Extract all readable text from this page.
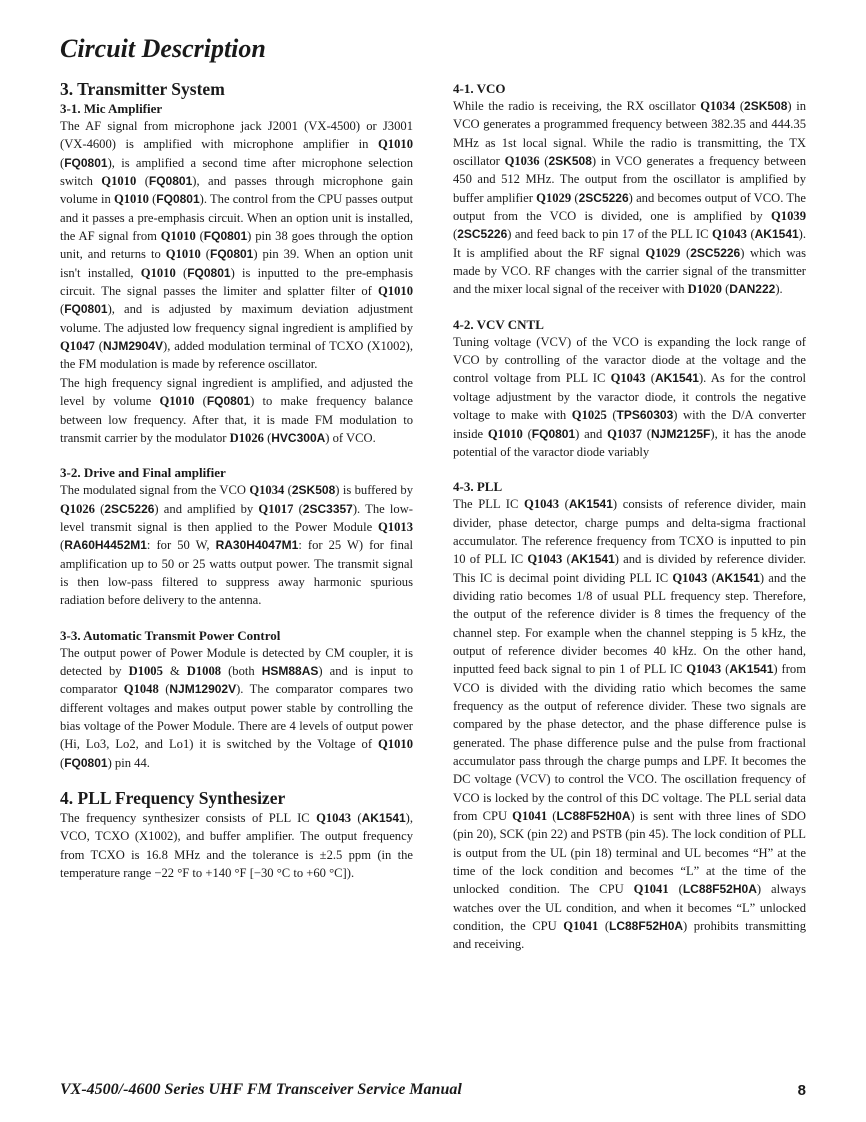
Circuit Description
3. Transmitter System
3-1. Mic Amplifier

The AF signal from microphone jack J2001 (VX-4500) or J3001 (VX-4600) is amplified with microphone amplifier in Q1010 (FQ0801), is amplified a second time after microphone selection switch Q1010 (FQ0801), and passes through microphone gain volume in Q1010 (FQ0801). The control from the CPU passes output and it passes a pre-emphasis circuit. When an option unit is installed, the AF signal from Q1010 (FQ0801) pin 38 goes through the option unit, and returns to Q1010 (FQ0801) pin 39. When an option unit isn't installed, Q1010 (FQ0801) is inputted to the pre-emphasis circuit. The signal passes the limiter and splatter filter of Q1010 (FQ0801), and is adjusted by maximum deviation adjustment volume. The adjusted low frequency signal ingredient is amplified by Q1047 (NJM2904V), added modulation terminal of TCXO (X1002), the FM modulation is made by reference oscillator.

The high frequency signal ingredient is amplified, and adjusted the level by volume Q1010 (FQ0801) to make frequency balance between low frequency. After that, it is made FM modulation to transmit carrier by the modulator D1026 (HVC300A) of VCO.

3-2. Drive and Final amplifier

The modulated signal from the VCO Q1034 (2SK508) is buffered by Q1026 (2SC5226) and amplified by Q1017 (2SC3357). The low-level transmit signal is then applied to the Power Module Q1013 (RA60H4452M1: for 50 W, RA30H4047M1: for 25 W) for final amplification up to 50 or 25 watts output power. The transmit signal is then low-pass filtered to suppress away harmonic spurious radiation before delivery to the antenna.

3-3. Automatic Transmit Power Control

The output power of Power Module is detected by CM coupler, it is detected by D1005 & D1008 (both HSM88AS) and is input to comparator Q1048 (NJM12902V). The comparator compares two different voltages and makes output power stable by controlling the bias voltage of the Power Module. There are 4 levels of output power (Hi, Lo3, Lo2, and Lo1) it is switched by the Voltage of Q1010 (FQ0801) pin 44.

4. PLL Frequency Synthesizer

The frequency synthesizer consists of PLL IC Q1043 (AK1541), VCO, TCXO (X1002), and buffer amplifier. The output frequency from TCXO is 16.8 MHz and the tolerance is ±2.5 ppm (in the temperature range −22 °F to +140 °F [−30 °C to +60 °C]).

4-1. VCO

While the radio is receiving, the RX oscillator Q1034 (2SK508) in VCO generates a programmed frequency between 382.35 and 444.35 MHz as 1st local signal. While the radio is transmitting, the TX oscillator Q1036 (2SK508) in VCO generates a frequency between 450 and 512 MHz. The output from the oscillator is amplified by buffer amplifier Q1029 (2SC5226) and becomes output of VCO. The output from the VCO is divided, one is amplified by Q1039 (2SC5226) and feed back to pin 17 of the PLL IC Q1043 (AK1541). It is amplified about the RF signal Q1029 (2SC5226) which was made by VCO. RF changes with the carrier signal of the transmitter and the mixer local signal of the receiver with D1020 (DAN222).

4-2. VCV CNTL

Tuning voltage (VCV) of the VCO is expanding the lock range of VCO by controlling of the varactor diode at the voltage and the control voltage from PLL IC Q1043 (AK1541). As for the control voltage adjustment by the varactor diode, it controls the negative voltage to make with Q1025 (TPS60303) with the D/A converter inside Q1010 (FQ0801) and Q1037 (NJM2125F), it has the anode potential of the varactor diode variably

4-3. PLL

The PLL IC Q1043 (AK1541) consists of reference divider, main divider, phase detector, charge pumps and delta-sigma fractional accumulator. The reference frequency from TCXO is inputted to pin 10 of PLL IC Q1043 (AK1541) and is divided by reference divider. This IC is decimal point dividing PLL IC Q1043 (AK1541) and the dividing ratio becomes 1/8 of usual PLL frequency step. Therefore, the output of the reference divider is 8 times the frequency of the channel step. For example when the channel stepping is 5 kHz, the output of reference divider becomes 40 kHz. On the other hand, inputted feed back signal to pin 1 of PLL IC Q1043 (AK1541) from VCO is divided with the dividing ratio which becomes the same frequency as the output of reference divider. These two signals are compared by the phase detector, and the phase difference pulse is generated. The phase difference pulse and the pulse from fractional accumulator pass through the charge pumps and LPF. It becomes the DC voltage (VCV) to control the VCO. The oscillation frequency of VCO is locked by the control of this DC voltage. The PLL serial data from CPU Q1041 (LC88F52H0A) is sent with three lines of SDO (pin 20), SCK (pin 22) and PSTB (pin 45). The lock condition of PLL is output from the UL (pin 18) terminal and UL becomes “H” at the time of the lock condition and becomes “L” at the time of the unlocked condition. The CPU Q1041 (LC88F52H0A) always watches over the UL condition, and when it becomes “L” unlocked condition, the CPU Q1041 (LC88F52H0A) prohibits transmitting and receiving.

VX-4500/-4600 Series UHF FM Transceiver Service Manual	8
